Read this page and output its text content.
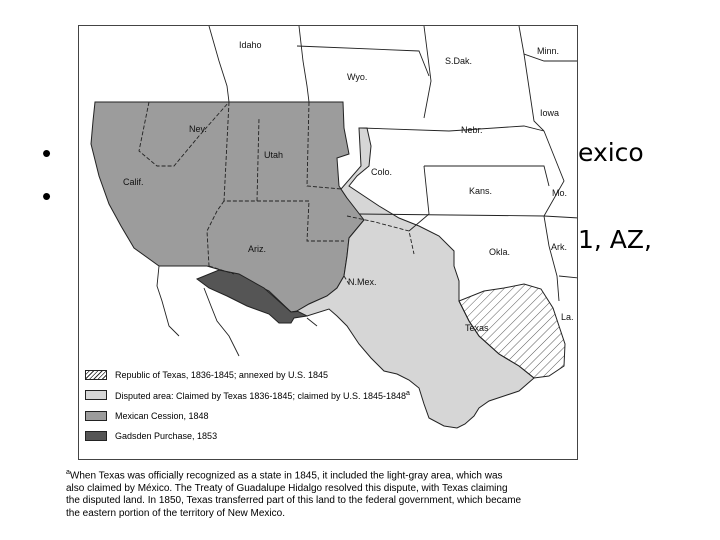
•
•
exico
1, AZ,
Idaho
Wyo.
S.Dak.
Minn.
Iowa
Nev.
Utah
Nebr.
Colo.
Calif.
Kans.	Mo.
Ariz.	Okla.	Ark.
N.Mex.
Texas
La.
Republic of Texas, 1836-1845; annexed by U.S. 1845
Disputed area: Claimed by Texas 1836-1845; claimed by U.S. 1845-1848$^a$
Mexican Cession, 1848
Gadsden Purchase, 1853
$^a$When Texas was officially recognized as a state in 1845, it included the light-gray area, which was
also claimed by México. The Treaty of Guadalupe Hidalgo resolved this dispute, with Texas claiming
the disputed land. In 1850, Texas transferred part of this land to the federal government, which became
the eastern portion of the territory of New Mexico.
